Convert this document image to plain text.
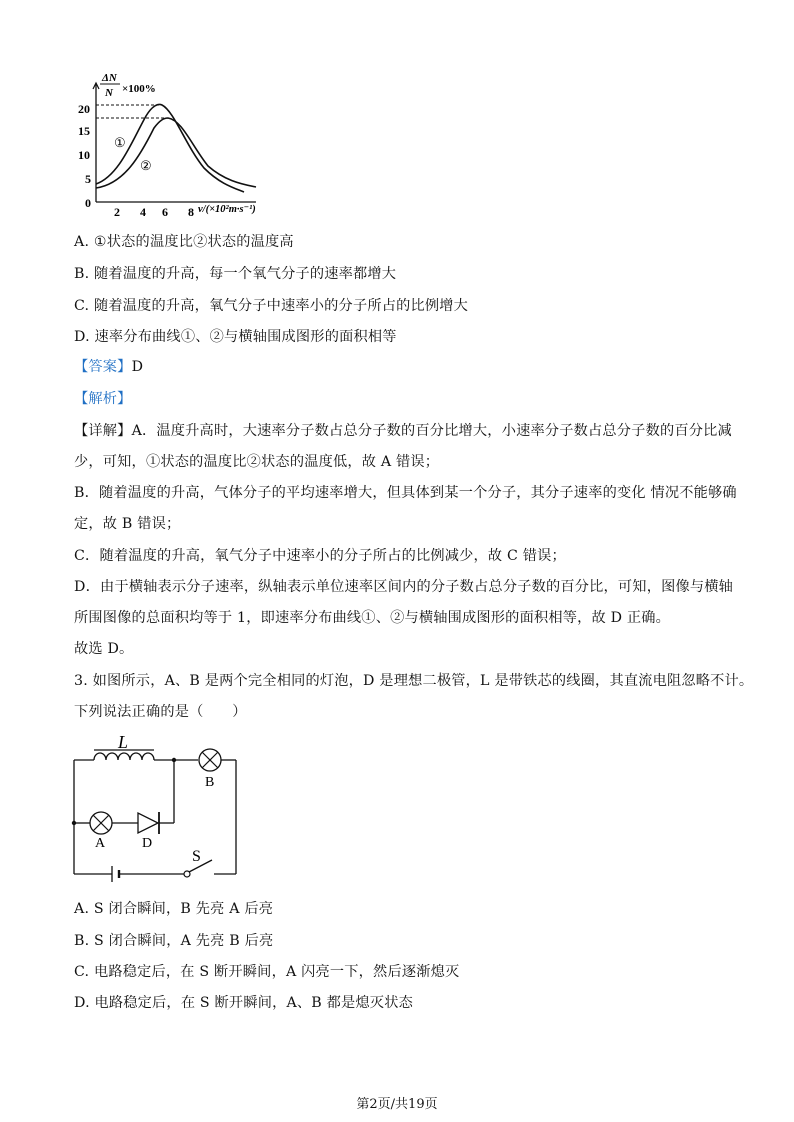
ΔN
N ×100%
20
15
10
5
0
①
②
2 4 6 8 v/(×10²m·s⁻¹)
A. ①状态的温度比②状态的温度高
B. 随着温度的升高，每一个氧气分子的速率都增大
C. 随着温度的升高，氧气分子中速率小的分子所占的比例增大
D. 速率分布曲线①、②与横轴围成图形的面积相等
【答案】D
【解析】
【详解】A．温度升高时，大速率分子数占总分子数的百分比增大，小速率分子数占总分子数的百分比减
少，可知，①状态的温度比②状态的温度低，故 A 错误；
B．随着温度的升高，气体分子的平均速率增大，但具体到某一个分子，其分子速率的变化 情况不能够确
定，故 B 错误；
C．随着温度的升高，氧气分子中速率小的分子所占的比例减少，故 C 错误；
D．由于横轴表示分子速率，纵轴表示单位速率区间内的分子数占总分子数的百分比，可知，图像与横轴
所围图像的总面积均等于 1，即速率分布曲线①、②与横轴围成图形的面积相等，故 D 正确。
故选 D。
3. 如图所示，A、B 是两个完全相同的灯泡，D 是理想二极管，L 是带铁芯的线圈，其直流电阻忽略不计。
下列说法正确的是（　　）
L
B
A	D
S
A. S 闭合瞬间，B 先亮 A 后亮
B. S 闭合瞬间，A 先亮 B 后亮
C. 电路稳定后，在 S 断开瞬间，A 闪亮一下，然后逐渐熄灭
D. 电路稳定后，在 S 断开瞬间，A、B 都是熄灭状态
第2页/共19页
